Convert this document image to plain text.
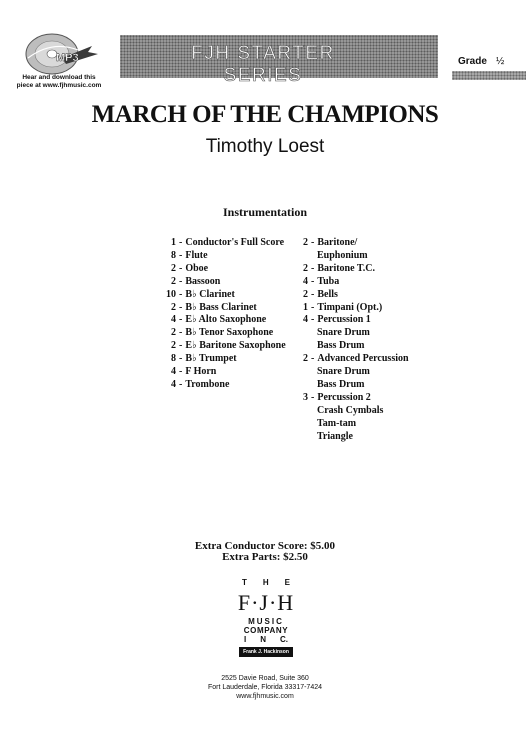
MP3
Hear and download this
piece at www.fjhmusic.com
FJH STARTER SERIES
Grade ½
MARCH OF THE CHAMPIONS
Timothy Loest
Instrumentation
1 - Conductor's Full Score
8 - Flute
2 - Oboe
2 - Bassoon
10 - B♭ Clarinet
2 - B♭ Bass Clarinet
4 - E♭ Alto Saxophone
2 - B♭ Tenor Saxophone
2 - E♭ Baritone Saxophone
8 - B♭ Trumpet
4 - F Horn
4 - Trombone
2 - Baritone/
Euphonium
2 - Baritone T.C.
4 - Tuba
2 - Bells
1 - Timpani (Opt.)
4 - Percussion 1
Snare Drum
Bass Drum
2 - Advanced Percussion
Snare Drum
Bass Drum
3 - Percussion 2
Crash Cymbals
Tam-tam
Triangle
Extra Conductor Score: $5.00
Extra Parts: $2.50
T H E
F·J·H
MUSIC
COMPANY
I N C.
Frank J. Hackinson
2525 Davie Road, Suite 360
Fort Lauderdale, Florida 33317-7424
www.fjhmusic.com
